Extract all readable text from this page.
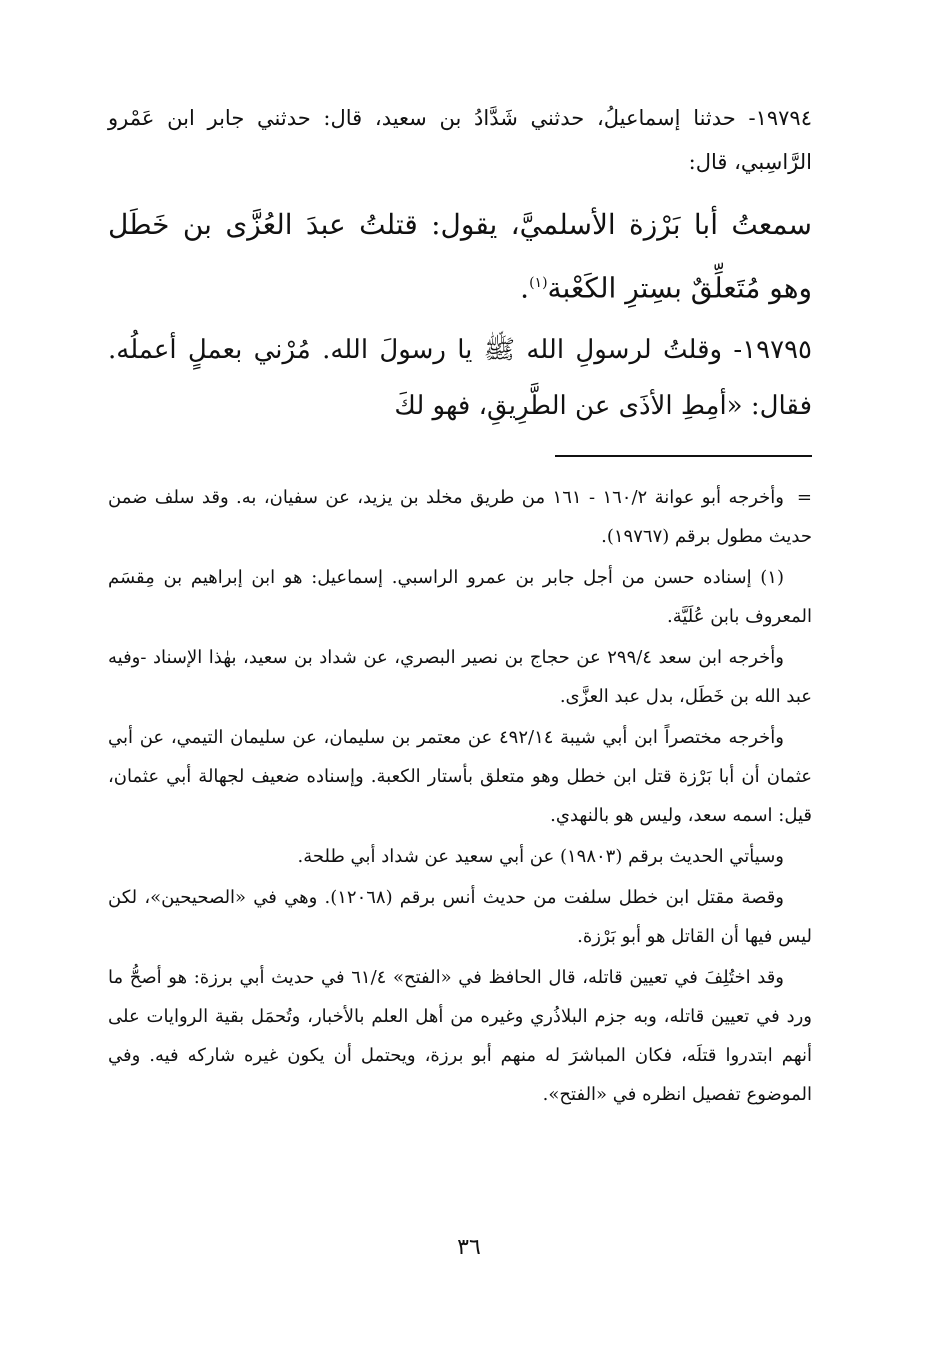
١٩٧٩٤- حدثنا إسماعيلُ، حدثني شَدَّادُ بن سعيد، قال: حدثني جابر ابن عَمْرو الرَّاسِبي، قال:

سمعتُ أبا بَرْزة الأسلميَّ، يقول: قتلتُ عبدَ العُزَّى بن خَطَل وهو مُتَعلِّقٌ بسِترِ الكَعْبة$^{(١)}$.

١٩٧٩٥- وقلتُ لرسولِ الله ﷺ يا رسولَ الله. مُرْني بعملٍ أعملُه. فقال: «أمِطِ الأذَى عن الطَّرِيقِ، فهو لكَ

=وأخرجه أبو عوانة ١٦٠/٢ - ١٦١ من طريق مخلد بن يزيد، عن سفيان، به. وقد سلف ضمن حديث مطول برقم (١٩٧٦٧).

(١) إسناده حسن من أجل جابر بن عمرو الراسبي. إسماعيل: هو ابن إبراهيم بن مِقسَم المعروف بابن عُلَيَّة.

وأخرجه ابن سعد ٢٩٩/٤ عن حجاج بن نصير البصري، عن شداد بن سعيد، بهٰذا الإسناد -وفيه عبد الله بن خَطَل، بدل عبد العزَّى.

وأخرجه مختصراً ابن أبي شيبة ٤٩٢/١٤ عن معتمر بن سليمان، عن سليمان التيمي، عن أبي عثمان أن أبا بَرْزة قتل ابن خطل وهو متعلق بأستار الكعبة. وإسناده ضعيف لجهالة أبي عثمان، قيل: اسمه سعد، وليس هو بالنهدي.

وسيأتي الحديث برقم (١٩٨٠٣) عن أبي سعيد عن شداد أبي طلحة.

وقصة مقتل ابن خطل سلفت من حديث أنس برقم (١٢٠٦٨). وهي في «الصحيحين»، لكن ليس فيها أن القاتل هو أبو بَرْزة.

وقد اختُلِفَ في تعيين قاتله، قال الحافظ في «الفتح» ٦١/٤ في حديث أبي برزة: هو أصحُّ ما ورد في تعيين قاتله، وبه جزم البلاذُري وغيره من أهل العلم بالأخبار، وتُحمَل بقية الروايات على أنهم ابتدروا قتلَه، فكان المباشرَ له منهم أبو برزة، ويحتمل أن يكون غيره شاركه فيه. وفي الموضوع تفصيل انظره في «الفتح».

٣٦
